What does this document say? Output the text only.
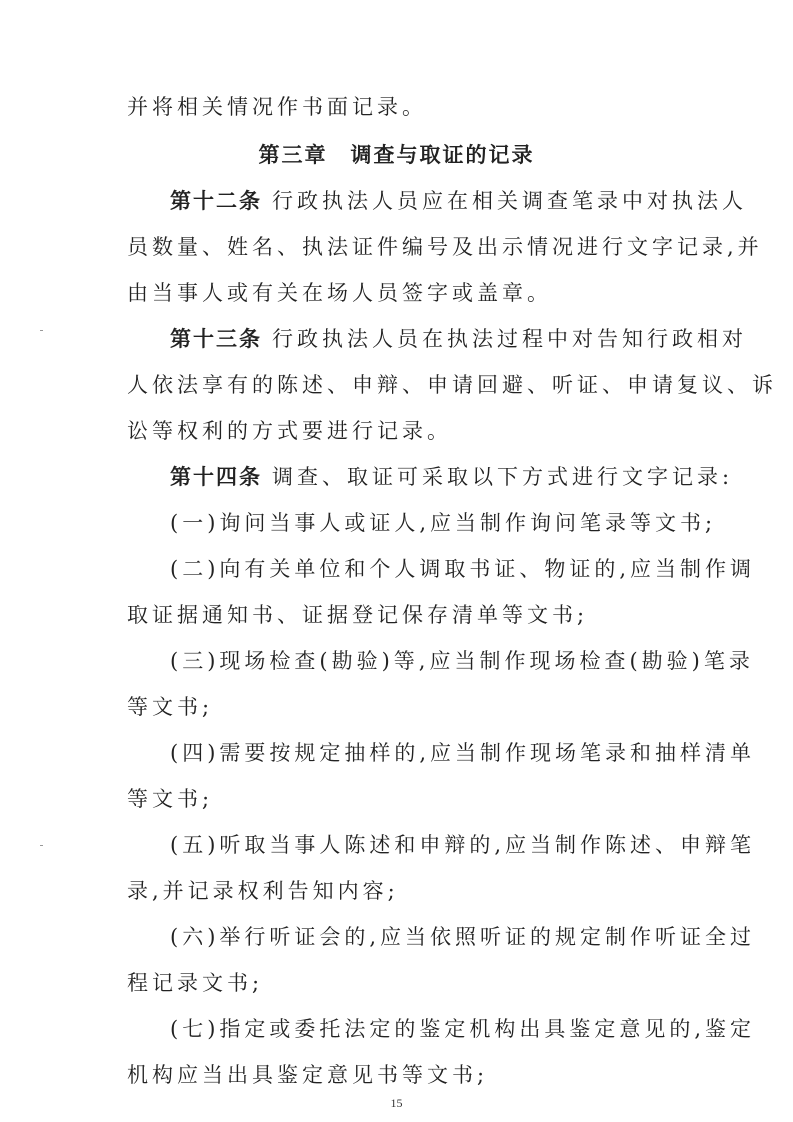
并将相关情况作书面记录。
第三章　调查与取证的记录
第十二条 行政执法人员应在相关调查笔录中对执法人
员数量、姓名、执法证件编号及出示情况进行文字记录,并
由当事人或有关在场人员签字或盖章。
第十三条 行政执法人员在执法过程中对告知行政相对
人依法享有的陈述、申辩、申请回避、听证、申请复议、诉
讼等权利的方式要进行记录。
第十四条 调查、取证可采取以下方式进行文字记录:
(一)询问当事人或证人,应当制作询问笔录等文书;
(二)向有关单位和个人调取书证、物证的,应当制作调
取证据通知书、证据登记保存清单等文书;
(三)现场检查(勘验)等,应当制作现场检查(勘验)笔录
等文书;
(四)需要按规定抽样的,应当制作现场笔录和抽样清单
等文书;
(五)听取当事人陈述和申辩的,应当制作陈述、申辩笔
录,并记录权利告知内容;
(六)举行听证会的,应当依照听证的规定制作听证全过
程记录文书;
(七)指定或委托法定的鉴定机构出具鉴定意见的,鉴定
机构应当出具鉴定意见书等文书;
15
